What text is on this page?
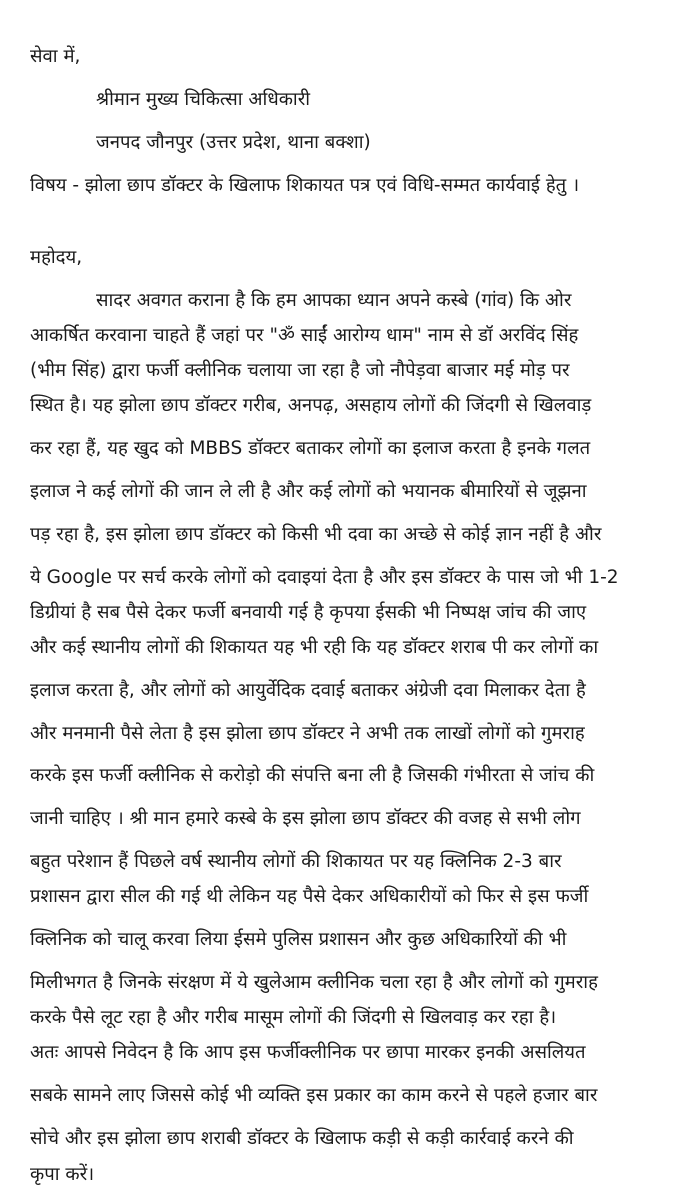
सेवा में,
श्रीमान मुख्य चिकित्सा अधिकारी
जनपद जौनपुर (उत्तर प्रदेश, थाना बक्शा)
विषय - झोला छाप डॉक्टर के खिलाफ शिकायत पत्र एवं विधि-सम्मत कार्यवाई हेतु ।
महोदय,
सादर अवगत कराना है कि हम आपका ध्यान अपने कस्बे (गांव) कि ओर
आकर्षित करवाना चाहते हैं जहां पर "ॐ साईं आरोग्य धाम" नाम से डॉ अरविंद सिंह
(भीम सिंह) द्वारा फर्जी क्लीनिक चलाया जा रहा है जो नौपेड़वा बाजार मई मोड़ पर
स्थित है। यह झोला छाप डॉक्टर गरीब, अनपढ़, असहाय लोगों की जिंदगी से खिलवाड़
कर रहा हैं, यह खुद को MBBS डॉक्टर बताकर लोगों का इलाज करता है इनके गलत
इलाज ने कई लोगों की जान ले ली है और कई लोगों को भयानक बीमारियों से जूझना
पड़ रहा है, इस झोला छाप डॉक्टर को किसी भी दवा का अच्छे से कोई ज्ञान नहीं है और
ये Google पर सर्च करके लोगों को दवाइयां देता है और इस डॉक्टर के पास जो भी 1-2
डिग्रीयां है सब पैसे देकर फर्जी बनवायी गई है कृपया ईसकी भी निष्पक्ष जांच की जाए
और कई स्थानीय लोगों की शिकायत यह भी रही कि यह डॉक्टर शराब पी कर लोगों का
इलाज करता है, और लोगों को आयुर्वेदिक दवाई बताकर अंग्रेजी दवा मिलाकर देता है
और मनमानी पैसे लेता है इस झोला छाप डॉक्टर ने अभी तक लाखों लोगों को गुमराह
करके इस फर्जी क्लीनिक से करोड़ो की संपत्ति बना ली है जिसकी गंभीरता से जांच की
जानी चाहिए । श्री मान हमारे कस्बे के इस झोला छाप डॉक्टर की वजह से सभी लोग
बहुत परेशान हैं पिछले वर्ष स्थानीय लोगों की शिकायत पर यह क्लिनिक 2-3 बार
प्रशासन द्वारा सील की गई थी लेकिन यह पैसे देकर अधिकारीयों को फिर से इस फर्जी
क्लिनिक को चालू करवा लिया ईसमे पुलिस प्रशासन और कुछ अधिकारियों की भी
मिलीभगत है जिनके संरक्षण में ये खुलेआम क्लीनिक चला रहा है और लोगों को गुमराह
करके पैसे लूट रहा है और गरीब मासूम लोगों की जिंदगी से खिलवाड़ कर रहा है।
अतः आपसे निवेदन है कि आप इस फर्जीक्लीनिक पर छापा मारकर इनकी असलियत
सबके सामने लाए जिससे कोई भी व्यक्ति इस प्रकार का काम करने से पहले हजार बार
सोचे और इस झोला छाप शराबी डॉक्टर के खिलाफ कड़ी से कड़ी कार्रवाई करने की
कृपा करें।
